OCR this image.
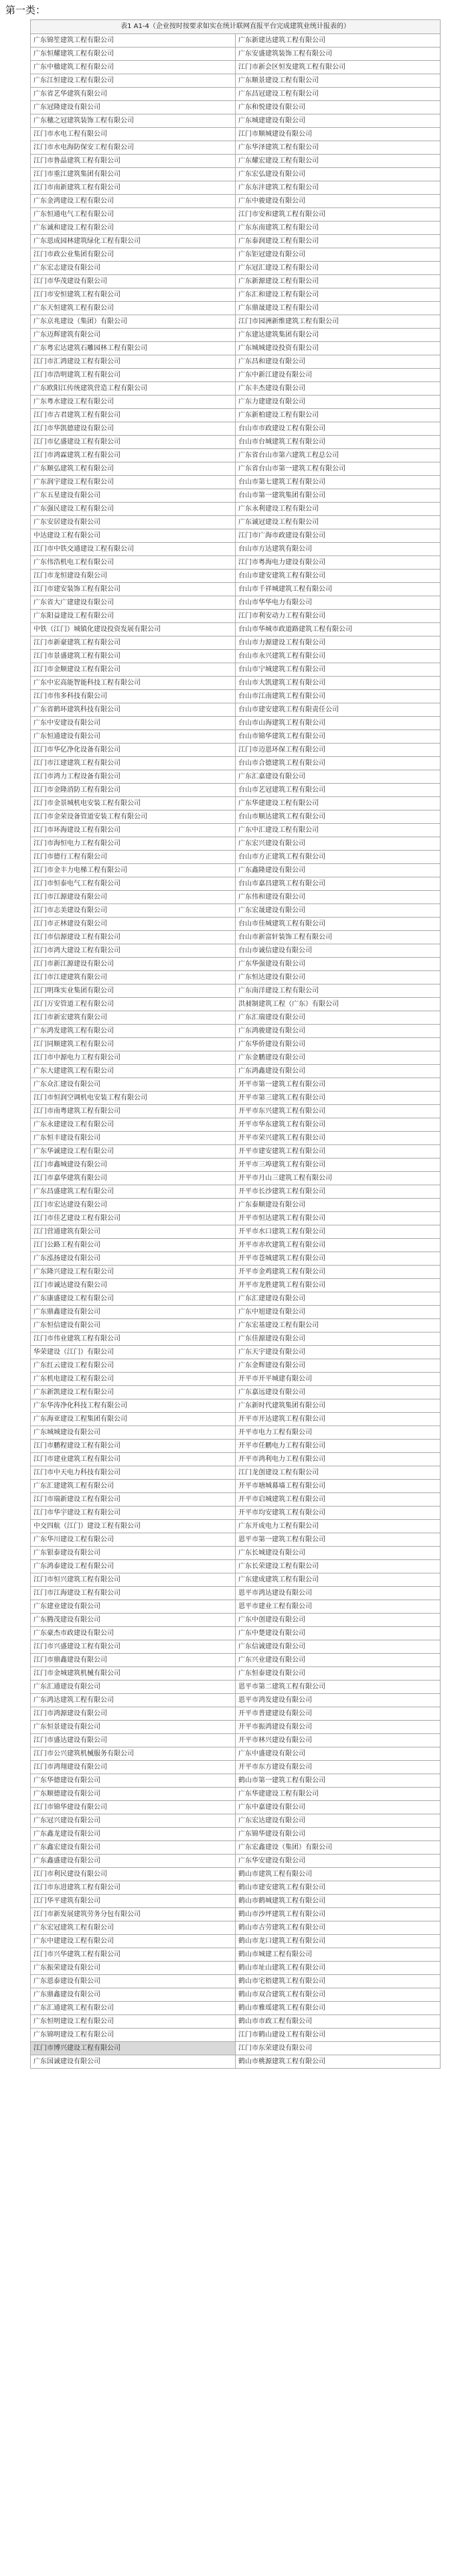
第一类：
表1 A1-4（企业按时按要求如实在统计联网直报平台完成建筑业统计报表的）	
广东锦笙建筑工程有限公司	广东新建达建筑工程有限公司
广东恒耀建筑工程有限公司	广东安盛建筑装饰工程有限公司
广东中楹建筑工程有限公司	江门市新会区恒发建筑工程有限公司
广东江恒建设工程有限公司	广东顺景建设工程有限公司
广东省艺华建筑有限公司	广东昌冠建设工程有限公司
广东冠隆建设有限公司	广东和悦建设有限公司
广东穗之冠建筑装饰工程有限公司	广东城建建设有限公司
江门市水电工程有限公司	江门市顺城建设有限公司
江门市水电海防保安工程有限公司	广东华泽建筑工程有限公司
江门市鲁晶建筑工程有限公司	广东耀宏建设工程有限公司
江门市重江建筑集团有限公司	广东宏弘建设有限公司
江门市南新建筑工程有限公司	广东东沣建筑工程有限公司
广东金鸿建设工程有限公司	广东中骏建设有限公司
广东恒通电气工程有限公司	江门市安和建筑工程有限公司
广东诚和建设工程有限公司	广东东南建筑工程有限公司
广东恩成园林建筑绿化工程有限公司	广东泰润建设工程有限公司
江门市政公业集团有限公司	广东钜冠建设有限公司
广东宏志建设有限公司	广东冠汇建设工程有限公司
江门市华茂建设有限公司	广东新源建设工程有限公司
江门市安恒建筑工程有限公司	广东汇和建设工程有限公司
广东天恒建筑工程有限公司	广东鼎晟建设工程有限公司
广东京兆建设（集团）有限公司	江门市园洲新维建筑工程有限公司
广东迈辉建筑有限公司	广东建达建筑集团有限公司
广东粤宏达建筑石雕园林工程有限公司	广东城城建设投资有限公司
江门市汇鸿建设工程有限公司	广东昌和建设有限公司
江门市浩明建筑工程有限公司	广东中新江建设有限公司
广东欧阳江传统建筑营造工程有限公司	广东丰杰建设有限公司
广东粤水建设工程有限公司	广东力建建设有限公司
江门市古君建筑工程有限公司	广东新柏建设工程有限公司
江门市华凯德建设有限公司	台山市市政建设工程有限公司
江门市亿盛建设工程有限公司	台山市台城建筑工程有限公司
江门市鸿霖建筑工程有限公司	广东省台山市第六建筑工程总公司
广东顺弘建筑工程有限公司	广东省台山市第一建筑工程有限公司
广东润宇建设工程有限公司	台山市第七建筑工程有限公司
广东五星建设有限公司	台山市第一建筑集团有限公司
广东强民建设工程有限公司	广东永利建设工程有限公司
广东安居建设有限公司	广东诚冠建设工程有限公司
中达建设工程有限公司	江门市广海市政建设有限公司
江门市中铁交通建设工程有限公司	台山市方达建筑有限公司
广东伟浩机电工程有限公司	江门市粤海电力建设有限公司
江门市龙恒建设有限公司	台山市建安建筑工程有限公司
江门市建安装饰工程有限公司	台山市千祥城建筑工程有限公司
广东省大广建建设有限公司	台山市华华电力有限公司
广东阳益建设工程有限公司	江门市利安动力工程有限公司
中铁（江门）城镇化建设投资发展有限公司	台山市华城市政道路建筑工程有限公司
江门市新豪建筑工程有限公司	台山市力源建设工程有限公司
江门市景盛建筑工程有限公司	台山市永兴建筑工程有限公司
江门市金顺建设工程有限公司	台山市宁城建筑工程有限公司
广东中宏高能智能科技工程有限公司	台山市大凯建筑工程有限公司
江门市伟多科技有限公司	台山市江南建筑工程有限公司
广东省鹤环建筑科技有限公司	台山市建安建筑工程有限责任公司
广东中安建设有限公司	台山市山海建筑工程有限公司
广东恒通建设有限公司	台山市锦华建筑工程有限公司
江门市华亿净化设备有限公司	江门市迈恩环保工程有限公司
江门市江建建筑工程有限公司	台山市合德建筑工程有限公司
江门市鸿力工程设备有限公司	广东汇嘉建设有限公司
江门市金隆消防工程有限公司	台山市艺冠建筑工程有限公司
江门市金景城机电安装工程有限公司	广东华建建设工程有限公司
江门市金荣设备管道安装工程有限公司	台山市顺达建筑工程有限公司
江门市环海建设工程有限公司	广东中汇建设工程有限公司
江门市海恒电力工程有限公司	广东宏兴建设有限公司
江门市德行工程有限公司	台山市方正建筑工程有限公司
江门市金丰力电梯工程有限公司	广东鑫隆建设有限公司
江门市恒泰电气工程有限公司	台山市嘉昌建筑工程有限公司
江门市江源建设有限公司	广东伟和建设有限公司
江门市志美建设有限公司	广东宏晟建设有限公司
江门市正林建设有限公司	台山市佳城建筑工程有限公司
江门市信源建设工程有限公司	台山市新富轩装饰工程有限公司
江门市鸿大建设工程有限公司	台山市诚信建设有限公司
江门市新江源建设有限公司	广东华强建设有限公司
江门市江建建筑有限公司	广东恒达建设有限公司
江门明珠实业集团有限公司	广东南洋建设工程有限公司
江门万安管道工程有限公司	洪昶制建筑工程（广东）有限公司
江门市新宏建筑有限公司	广东汇瑞建设有限公司
广东鸿发建筑工程有限公司	广东鸿骏建设有限公司
江门同顺建筑工程有限公司	广东华侨建设有限公司
江门市中源电力工程有限公司	广东金鹏建设有限公司
广东大建建筑工程有限公司	广东鸿鑫建设有限公司
广东众汇建设有限公司	开平市第一建筑工程有限公司
江门市恒润空调机电安装工程有限公司	开平市第三建筑工程有限公司
江门市南粤建筑工程有限公司	开平市东兴建筑工程有限公司
广东永建建设工程有限公司	开平市华东建筑工程有限公司
广东恒丰建设有限公司	开平市荣兴建筑工程有限公司
广东华诚建设工程有限公司	开平市建安建筑工程有限公司
江门市鑫城建设有限公司	开平市三埠建筑工程有限公司
江门市嘉华建筑有限公司	开平市月山三建筑工程有限公司
广东昌盛建筑工程有限公司	开平市长沙建筑工程有限公司
江门市宏达建设有限公司	广东泰顺建设有限公司
江门市佳艺建设工程有限公司	开平市恒达建筑工程有限公司
江门营通建筑有限公司	开平市水口建筑工程有限公司
江门公路工程有限公司	开平市赤坎建筑工程有限公司
广东泓扬建设有限公司	开平市苍城建筑工程有限公司
广东隆兴建设工程有限公司	开平市金鸡建筑工程有限公司
江门市诚达建设有限公司	开平市龙胜建筑工程有限公司
广东康盛建设工程有限公司	广东汇建建设有限公司
广东鼎鑫建设有限公司	广东中旭建设有限公司
广东恒信建设有限公司	广东宏基建设工程有限公司
江门市伟业建筑工程有限公司	广东佳源建设有限公司
华荣建设（江门）有限公司	广东天宇建设有限公司
广东红云建设工程有限公司	广东金辉建设有限公司
广东机电建设工程有限公司	开平市开平城建有限公司
广东新凯建设工程有限公司	广东嘉远建设有限公司
广东华涛净化科技工程有限公司	广东新时代建筑集团有限公司
广东海亚建设工程集团有限公司	开平市开达建筑工程有限公司
广东城城建设有限公司	开平市电力工程有限公司
江门市鹏程建设工程有限公司	开平市任鹏电力工程有限公司
江门市建业建筑工程有限公司	开平市鸿利电力工程有限公司
江门市中天电力科技有限公司	江门龙创建设工程有限公司
广东汇建建筑工程有限公司	开平市塘城幕墙工程有限公司
江门市瑞新建设工程有限公司	开平市启城建筑工程有限公司
江门市华宇建设工程有限公司	开平市均安建筑工程有限公司
中交四航（江门）建设工程有限公司	广东开成电力工程有限公司
广东华川建设工程有限公司	恩平市第一建筑工程有限公司
广东银泰建设有限公司	广东长城建设有限公司
广东鸿泰建设工程有限公司	广东长荣建设工程有限公司
江门市恒兴建筑工程有限公司	广东建成建筑工程有限公司
江门市江海建设工程有限公司	恩平市鸿达建设有限公司
广东建业建设有限公司	恩平市建业工程有限公司
广东腾茂建设有限公司	广东中创建设有限公司
广东豪杰市政建设有限公司	广东中楚建设有限公司
江门市兴盛建设工程有限公司	广东信诚建设有限公司
江门市鼎鑫建设有限公司	广东兴业建设有限公司
江门市金城建筑机械有限公司	广东恒泰建设有限公司
广东汇通建设有限公司	恩平市第二建筑工程有限公司
广东鸿达建筑工程有限公司	恩平市鸿发建设有限公司
江门市鸿源建设有限公司	开平市普建建设有限公司
广东恒景建设有限公司	开平市振鸿建设有限公司
江门市盛达建设有限公司	开平市林兴建设有限公司
江门市公兴建筑机械服务有限公司	广东中盛建设有限公司
江门市鸿翔建设有限公司	开平市东方建设有限公司
广东华德建设有限公司	鹤山市第一建筑工程有限公司
广东顺德建设有限公司	广东华建建设工程有限公司
江门市锦华建设有限公司	广东中嘉建设有限公司
广东冠兴建设有限公司	广东宏达建设有限公司
广东鑫龙建设有限公司	广东锦华建设有限公司
广东鑫宏建设有限公司	广东宏鑫建设（集团）有限公司
广东鑫盛建设有限公司	广东华安建设有限公司
江门市利民建设有限公司	鹤山市建筑工程有限公司
江门市东进建筑工程有限公司	鹤山市建安建筑工程有限公司
江门华平建筑有限公司	鹤山市鹤城建筑工程有限公司
江门市新发展建筑劳务分包有限公司	鹤山市沙坪建筑工程有限公司
广东宏冠建筑工程有限公司	鹤山市古劳建筑工程有限公司
广东中建建设工程有限公司	鹤山市龙口建筑工程有限公司
江门市兴华建筑工程有限公司	鹤山市城建工程有限公司
广东振荣建设有限公司	鹤山市址山建筑工程有限公司
广东恩泰建设有限公司	鹤山市宅梧建筑工程有限公司
广东鼎鑫建设有限公司	鹤山市双合建筑工程有限公司
广东汇通建筑工程有限公司	鹤山市雅瑶建筑工程有限公司
广东恒明建设工程有限公司	鹤山市市政工程有限公司
广东锦明建设工程有限公司	江门市鹤山建设工程有限公司
江门市博兴建设工程有限公司	江门市东荣建设有限公司
广东国诚建设有限公司	鹤山市桃源建筑工程有限公司
